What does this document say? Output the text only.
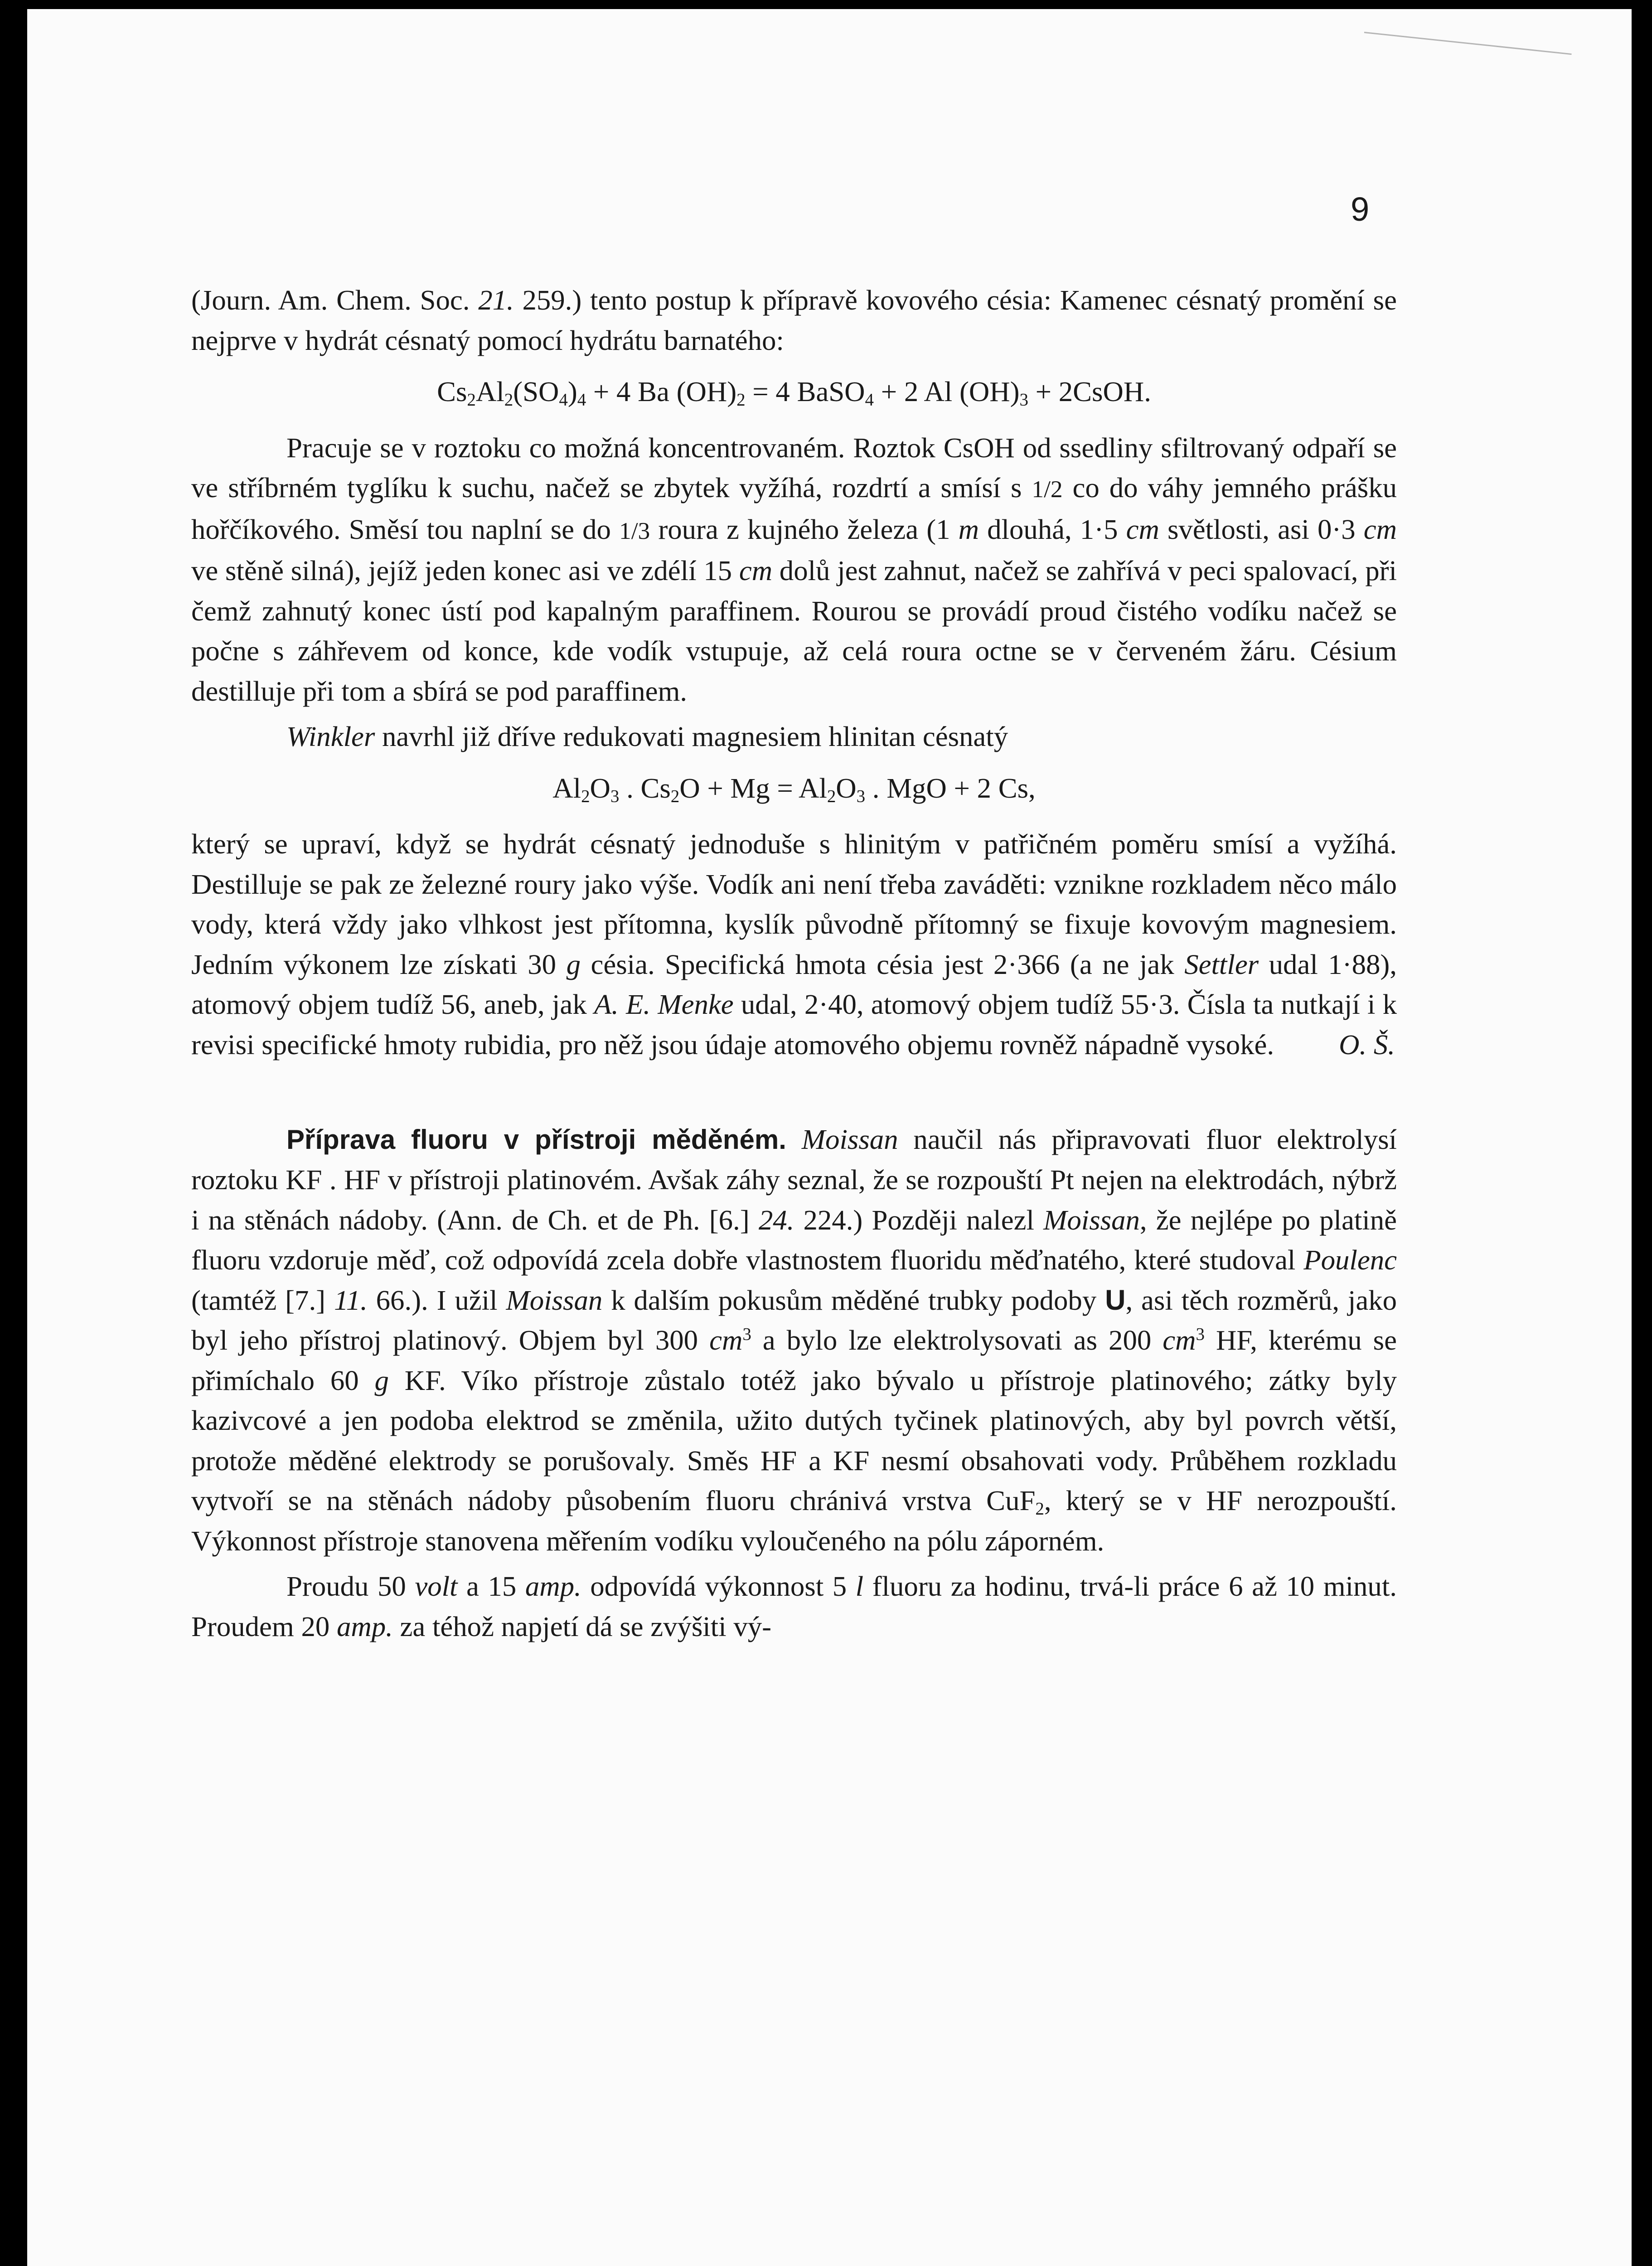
9

(Journ. Am. Chem. Soc. 21. 259.) tento postup k přípravě kovového césia: Kamenec césnatý promění se nejprve v hydrát césnatý pomocí hydrátu barnatého:

$Cs_2Al_2(SO_4)_4 + 4$ Ba $(OH)_2 = 4$ BaSO$_4$ + 2 Al $(OH)_3$ + 2CsOH.

Pracuje se v roztoku co možná koncentrovaném. Roztok CsOH od ssedliny sfiltrovaný odpaří se ve stříbrném tyglíku k suchu, načež se zbytek vyžíhá, rozdrtí a smísí s 1/2 co do váhy jemného prášku hořčíkového. Směsí tou naplní se do 1/3 roura z kujného železa (1 m dlouhá, 1·5 cm světlosti, asi 0·3 cm ve stěně silná), jejíž jeden konec asi ve zdélí 15 cm dolů jest zahnut, načež se zahřívá v peci spalovací, při čemž zahnutý konec ústí pod kapalným paraffinem. Rourou se provádí proud čistého vodíku načež se počne s záhřevem od konce, kde vodík vstupuje, až celá roura octne se v červeném žáru. Césium destilluje při tom a sbírá se pod paraffinem.

Winkler navrhl již dříve redukovati magnesiem hlinitan césnatý

$Al_2O_3$ . $Cs_2O + Mg = Al_2O_3$ . MgO + 2 Cs,

který se upraví, když se hydrát césnatý jednoduše s hlinitým v patřičném poměru smísí a vyžíhá. Destilluje se pak ze železné roury jako výše. Vodík ani není třeba zaváděti: vznikne rozkladem něco málo vody, která vždy jako vlhkost jest přítomna, kyslík původně přítomný se fixuje kovovým magnesiem. Jedním výkonem lze získati 30 g césia. Specifická hmota césia jest 2·366 (a ne jak Settler udal 1·88), atomový objem tudíž 56, aneb, jak A. E. Menke udal, 2·40, atomový objem tudíž 55·3. Čísla ta nutkají i k revisi specifické hmoty rubidia, pro něž jsou údaje atomového objemu rovněž nápadně vysoké.	O. Š.

Příprava fluoru v přístroji měděném. Moissan naučil nás připravovati fluor elektrolysí roztoku KF . HF v přístroji platinovém. Avšak záhy seznal, že se rozpouští Pt nejen na elektrodách, nýbrž i na stěnách nádoby. (Ann. de Ch. et de Ph. [6.] 24. 224.) Později nalezl Moissan, že nejlépe po platině fluoru vzdoruje měď, což odpovídá zcela dobře vlastnostem fluoridu měďnatého, které studoval Poulenc (tamtéž [7.] 11. 66.). I užil Moissan k dalším pokusům měděné trubky podoby U, asi těch rozměrů, jako byl jeho přístroj platinový. Objem byl 300 $cm^3$ a bylo lze elektrolysovati as 200 $cm^3$ HF, kterému se přimíchalo 60 g KF. Víko přístroje zůstalo totéž jako bývalo u přístroje platinového; zátky byly kazivcové a jen podoba elektrod se změnila, užito dutých tyčinek platinových, aby byl povrch větší, protože měděné elektrody se porušovaly. Směs HF a KF nesmí obsahovati vody. Průběhem rozkladu vytvoří se na stěnách nádoby působením fluoru chránivá vrstva CuF$_2$, který se v HF nerozpouští. Výkonnost přístroje stanovena měřením vodíku vyloučeného na pólu záporném.

Proudu 50 volt a 15 amp. odpovídá výkonnost 5 l fluoru za hodinu, trvá-li práce 6 až 10 minut. Proudem 20 amp. za téhož napjetí dá se zvýšiti vý-
